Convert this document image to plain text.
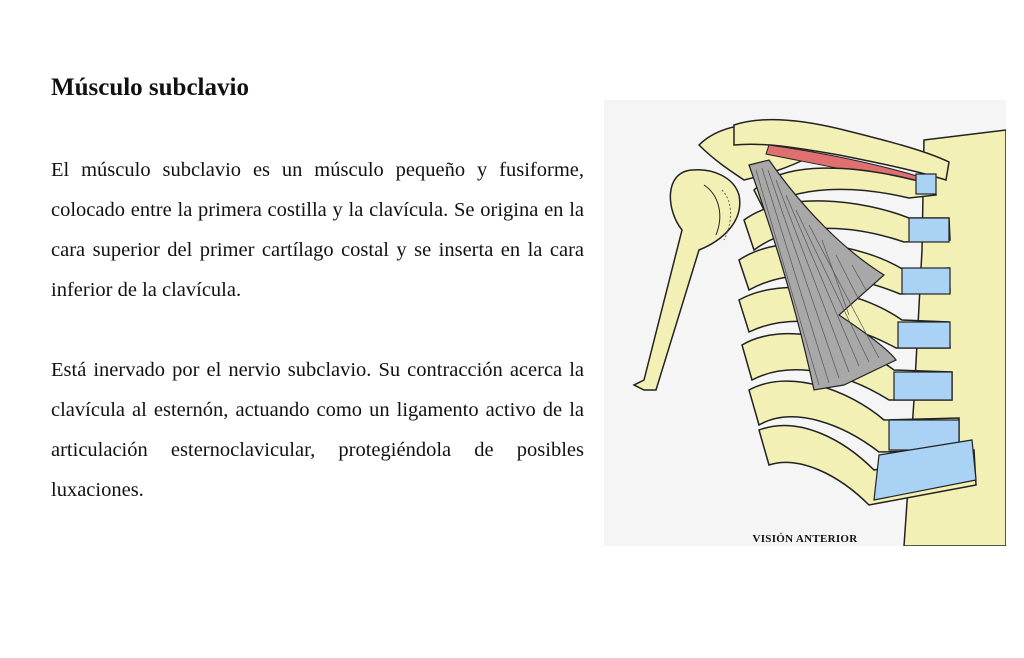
Músculo subclavio

El músculo subclavio es un músculo pequeño y fusiforme, colocado entre la primera costilla y la clavícula. Se origina en la cara superior del primer cartílago costal y se inserta en la cara inferior de la clavícula.

Está inervado por el nervio subclavio. Su contracción acerca la clavícula al esternón, actuando como un ligamento activo de la articulación esternoclavicular, protegiéndola de posibles luxaciones.

VISIÓN ANTERIOR
